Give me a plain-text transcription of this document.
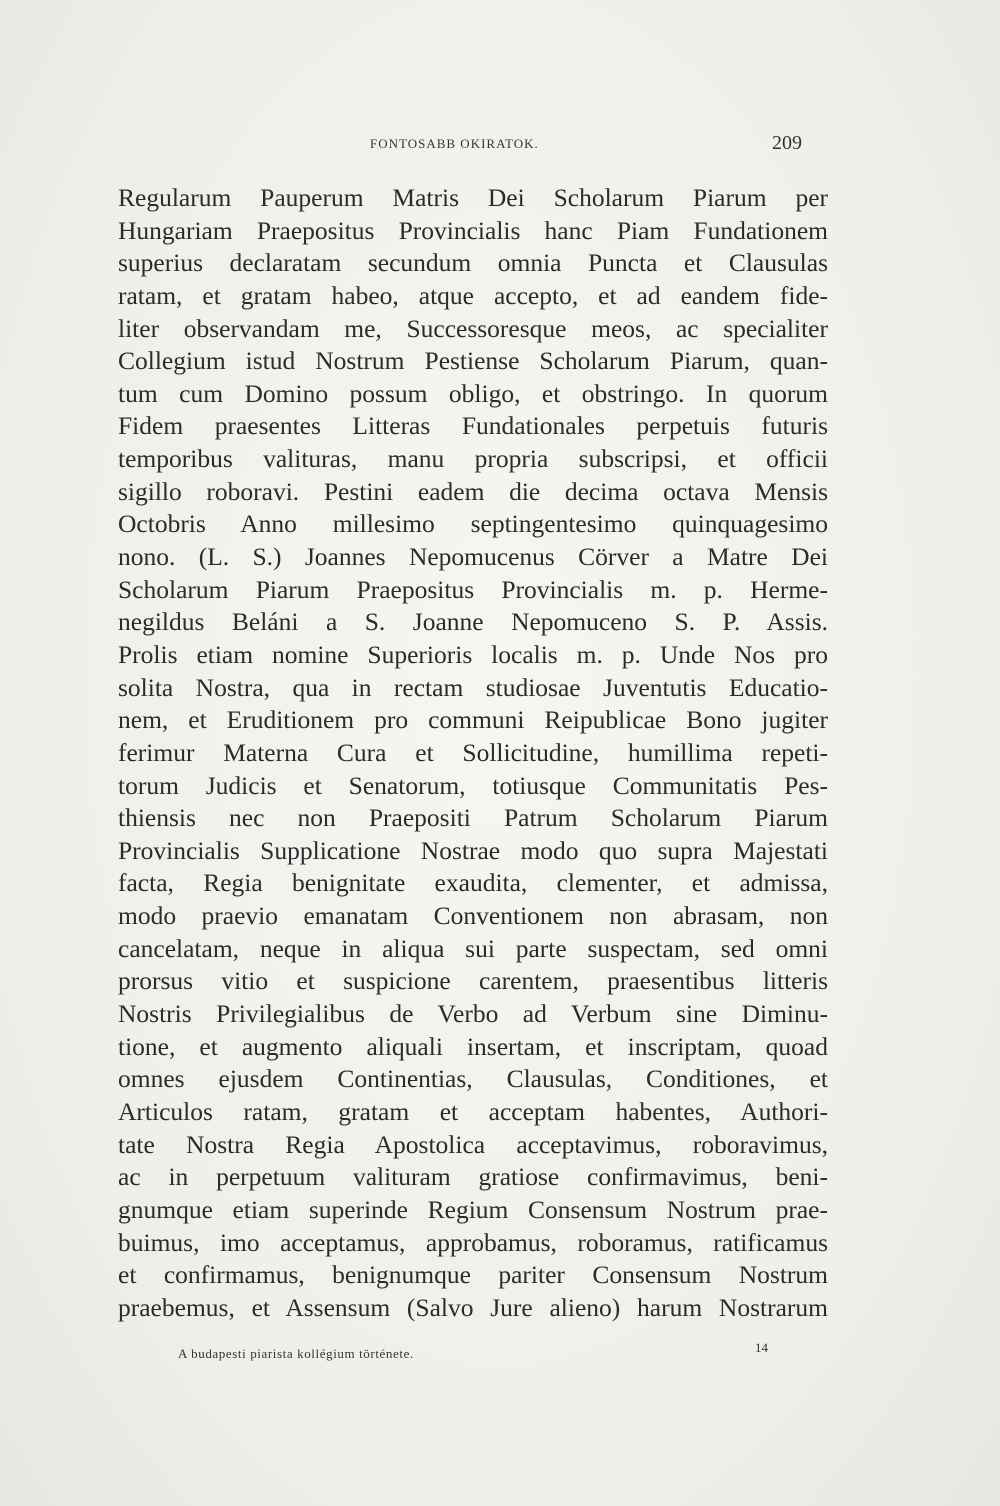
FONTOSABB OKIRATOK.	209
Regularum Pauperum Matris Dei Scholarum Piarum per
Hungariam Praepositus Provincialis hanc Piam Fundationem
superius declaratam secundum omnia Puncta et Clausulas
ratam, et gratam habeo, atque accepto, et ad eandem fide-
liter observandam me, Successoresque meos, ac specialiter
Collegium istud Nostrum Pestiense Scholarum Piarum, quan-
tum cum Domino possum obligo, et obstringo. In quorum
Fidem praesentes Litteras Fundationales perpetuis futuris
temporibus valituras, manu propria subscripsi, et officii
sigillo roboravi. Pestini eadem die decima octava Mensis
Octobris Anno millesimo septingentesimo quinquagesimo
nono. (L. S.) Joannes Nepomucenus Cörver a Matre Dei
Scholarum Piarum Praepositus Provincialis m. p. Herme-
negildus Beláni a S. Joanne Nepomuceno S. P. Assis.
Prolis etiam nomine Superioris localis m. p. Unde Nos pro
solita Nostra, qua in rectam studiosae Juventutis Educatio-
nem, et Eruditionem pro communi Reipublicae Bono jugiter
ferimur Materna Cura et Sollicitudine, humillima repeti-
torum Judicis et Senatorum, totiusque Communitatis Pes-
thiensis nec non Praepositi Patrum Scholarum Piarum
Provincialis Supplicatione Nostrae modo quo supra Majestati
facta, Regia benignitate exaudita, clementer, et admissa,
modo praevio emanatam Conventionem non abrasam, non
cancelatam, neque in aliqua sui parte suspectam, sed omni
prorsus vitio et suspicione carentem, praesentibus litteris
Nostris Privilegialibus de Verbo ad Verbum sine Diminu-
tione, et augmento aliquali insertam, et inscriptam, quoad
omnes ejusdem Continentias, Clausulas, Conditiones, et
Articulos ratam, gratam et acceptam habentes, Authori-
tate Nostra Regia Apostolica acceptavimus, roboravimus,
ac in perpetuum valituram gratiose confirmavimus, beni-
gnumque etiam superinde Regium Consensum Nostrum prae-
buimus, imo acceptamus, approbamus, roboramus, ratificamus
et confirmamus, benignumque pariter Consensum Nostrum
praebemus, et Assensum (Salvo Jure alieno) harum Nostrarum
A budapesti piarista kollégium története.	14
